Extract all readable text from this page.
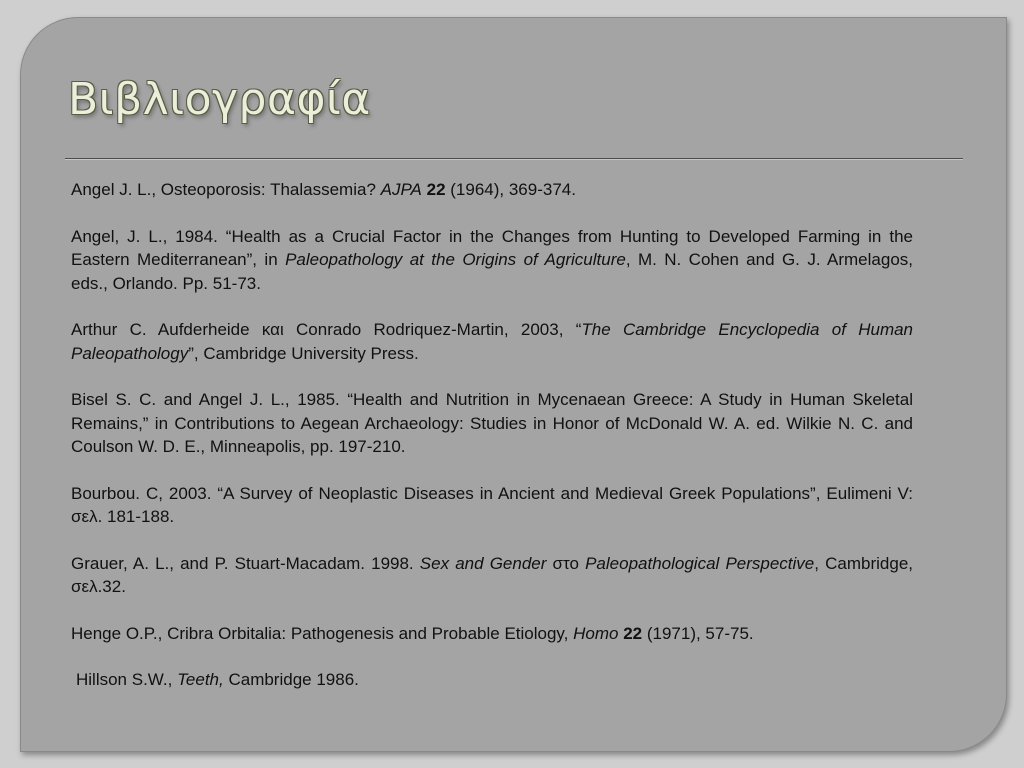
Βιβλιογραφία

Angel J. L., Osteoporosis: Thalassemia? AJPA 22 (1964), 369-374.

Angel, J. L., 1984. “Health as a Crucial Factor in the Changes from Hunting to Developed Farming in the Eastern Mediterranean”, in Paleopathology at the Origins of Agriculture, M. N. Cohen and G. J. Armelagos, eds., Orlando. Pp. 51-73.

Arthur C. Aufderheide και Conrado Rodriquez-Martin, 2003, “The Cambridge Encyclopedia of Human Paleopathology”, Cambridge University Press.

Bisel S. C. and Angel J. L., 1985. “Health and Nutrition in Mycenaean Greece: A Study in Human Skeletal Remains,” in Contributions to Aegean Archaeology: Studies in Honor of McDonald W. A. ed. Wilkie N. C. and Coulson W. D. E., Minneapolis, pp. 197-210.

Bourbou. C, 2003. “A Survey of Neoplastic Diseases in Ancient and Medieval Greek Populations”, Eulimeni V: σελ. 181-188.

Grauer, A. L., and P. Stuart-Macadam. 1998. Sex and Gender στο Paleopathological Perspective, Cambridge, σελ.32.

Henge O.P., Cribra Orbitalia: Pathogenesis and Probable Etiology, Homo 22 (1971), 57-75.

Hillson S.W., Teeth, Cambridge 1986.
